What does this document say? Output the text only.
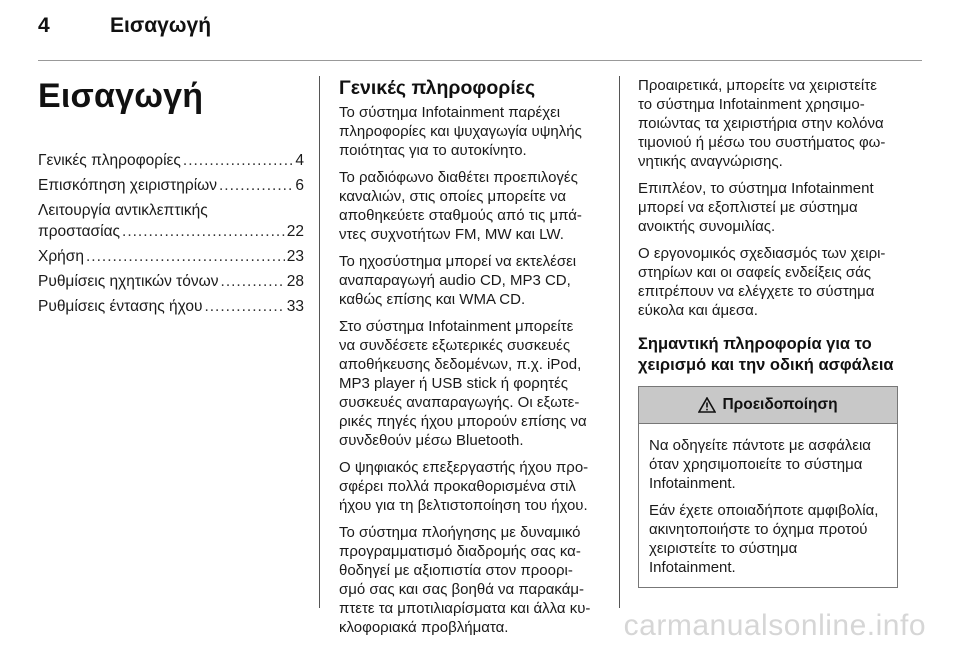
4	Εισαγωγή
Εισαγωγή
Γενικές πληροφορίες .....	4
Επισκόπηση χειριστηρίων .....	6
Λειτουργία αντικλεπτικής
προστασίας .....	22
Χρήση .....	23
Ρυθμίσεις ηχητικών τόνων .....	28
Ρυθμίσεις έντασης ήχου .....	33
Γενικές πληροφορίες

Το σύστημα Infotainment παρέχει
πληροφορίες και ψυχαγωγία υψηλής
ποιότητας για το αυτοκίνητο.

Το ραδιόφωνο διαθέτει προεπιλογές
καναλιών, στις οποίες μπορείτε να
αποθηκεύετε σταθμούς από τις μπά‐
ντες συχνοτήτων FM, MW και LW.

Το ηχοσύστημα μπορεί να εκτελέσει
αναπαραγωγή audio CD, MP3 CD,
καθώς επίσης και WMA CD.

Στο σύστημα Infotainment μπορείτε
να συνδέσετε εξωτερικές συσκευές
αποθήκευσης δεδομένων, π.χ. iPod,
MP3 player ή USB stick ή φορητές
συσκευές αναπαραγωγής. Οι εξωτε‐
ρικές πηγές ήχου μπορούν επίσης να
συνδεθούν μέσω Bluetooth.

Ο ψηφιακός επεξεργαστής ήχου προ‐
σφέρει πολλά προκαθορισμένα στιλ
ήχου για τη βελτιστοποίηση του ήχου.

Το σύστημα πλοήγησης με δυναμικό
προγραμματισμό διαδρομής σας κα‐
θοδηγεί με αξιοπιστία στον προορι‐
σμό σας και σας βοηθά να παρακάμ‐
πτετε τα μποτιλιαρίσματα και άλλα κυ‐
κλοφοριακά προβλήματα.

Προαιρετικά, μπορείτε να χειριστείτε
το σύστημα Infotainment χρησιμο‐
ποιώντας τα χειριστήρια στην κολόνα
τιμονιού ή μέσω του συστήματος φω‐
νητικής αναγνώρισης.

Επιπλέον, το σύστημα Infotainment
μπορεί να εξοπλιστεί με σύστημα
ανοικτής συνομιλίας.

Ο εργονομικός σχεδιασμός των χειρι‐
στηρίων και οι σαφείς ενδείξεις σάς
επιτρέπουν να ελέγχετε το σύστημα
εύκολα και άμεσα.

Σημαντική πληροφορία για το
χειρισμό και την οδική ασφάλεια
Προειδοποίηση

Να οδηγείτε πάντοτε με ασφάλεια
όταν χρησιμοποιείτε το σύστημα
Infotainment.

Εάν έχετε οποιαδήποτε αμφιβολία,
ακινητοποιήστε το όχημα προτού
χειριστείτε το σύστημα
Infotainment.

carmanualsonline.info
